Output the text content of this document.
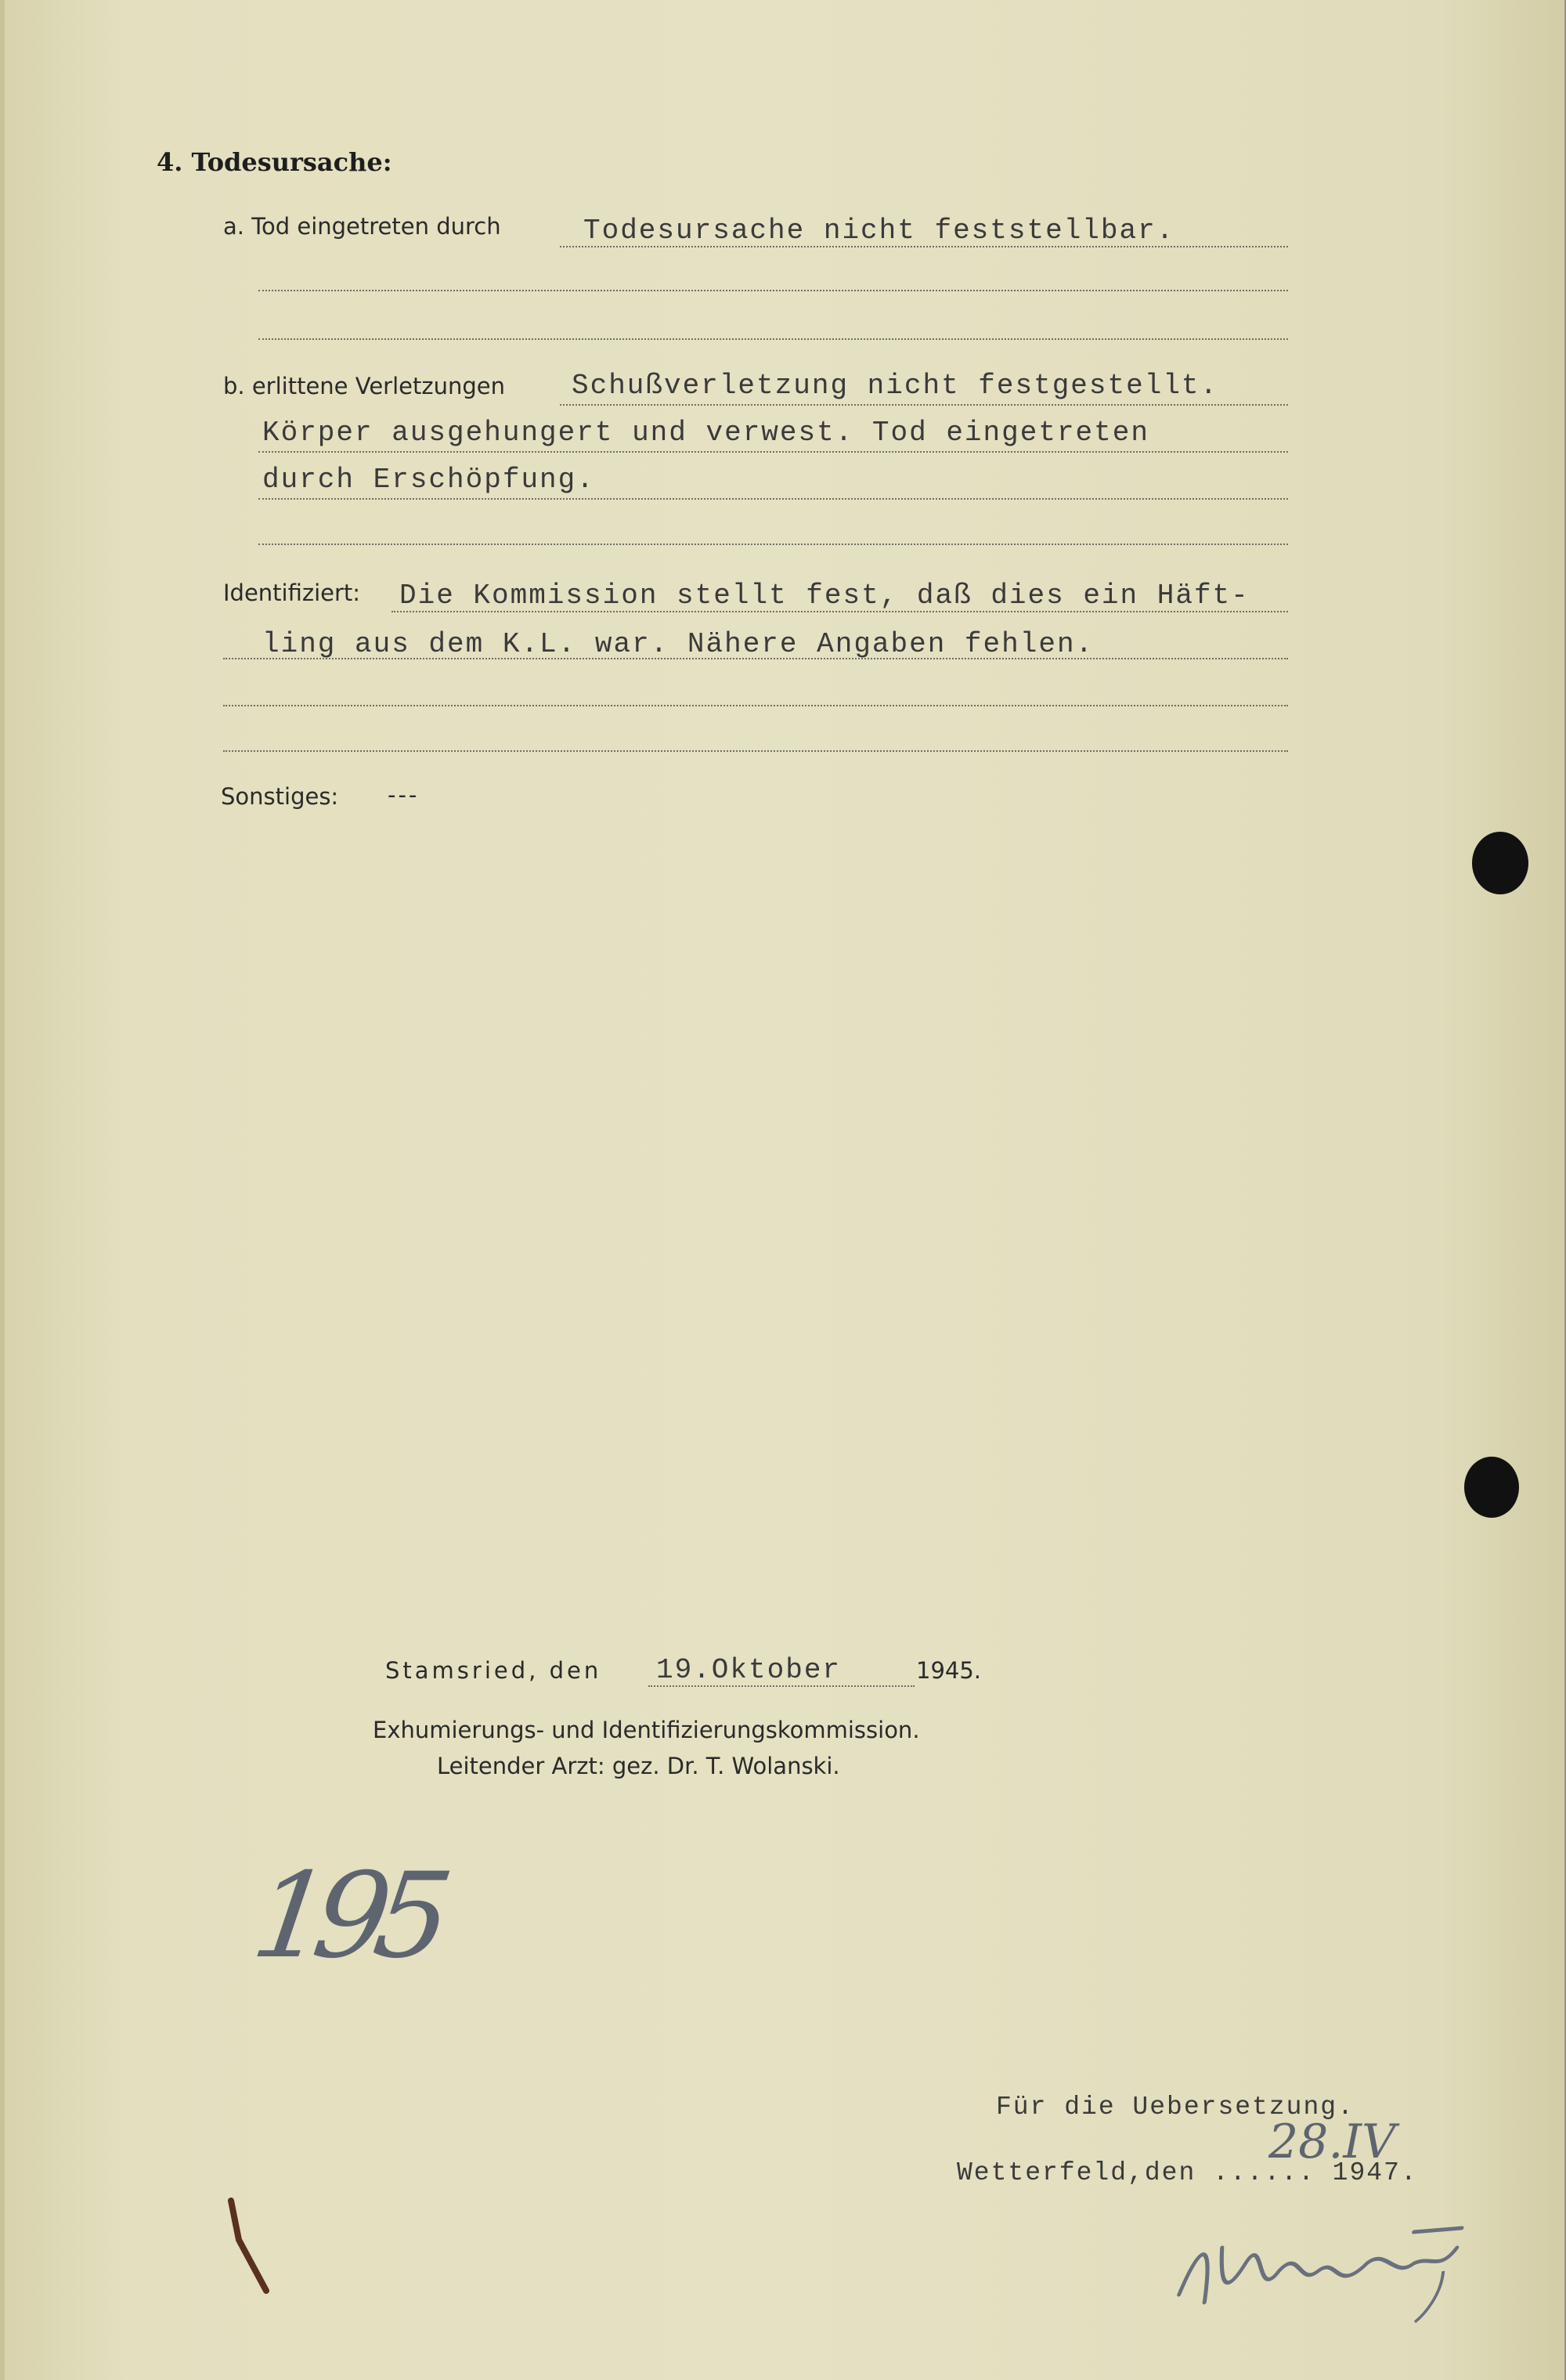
4. Todesursache:
a. Tod eingetreten durch	Todesursache nicht feststellbar.
b. erlittene Verletzungen Schußverletzung nicht festgestellt.
Körper ausgehungert und verwest. Tod eingetreten
durch Erschöpfung.
Identifiziert: Die Kommission stellt fest, daß dies ein Häft-
ling aus dem K.L. war. Nähere Angaben fehlen.
Sonstiges: ---
Stamsried, den 19.Oktober	1945.
Exhumierungs- und Identifizierungskommission.
Leitender Arzt: gez. Dr. T. Wolanski.
195
Für die Uebersetzung.
Wetterfeld,den ...... 1947.
28.IV
